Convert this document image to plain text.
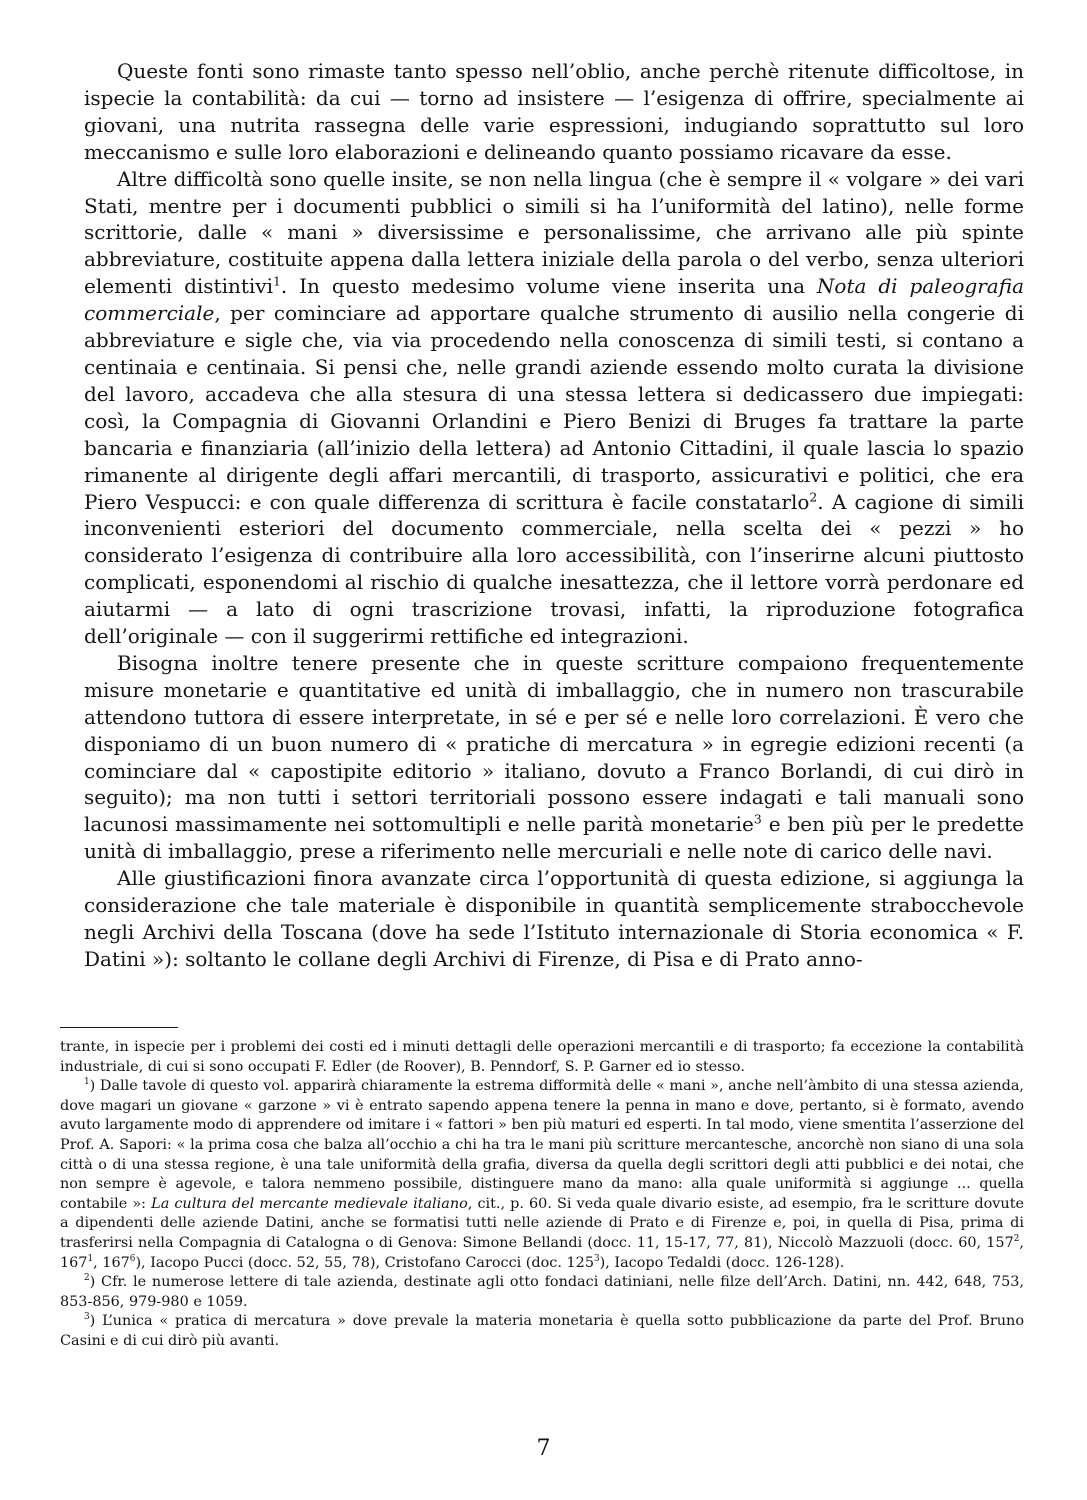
Queste fonti sono rimaste tanto spesso nell’oblio, anche perchè ritenute difficoltose, in ispecie la contabilità: da cui — torno ad insistere — l’esigenza di offrire, specialmente ai giovani, una nutrita rassegna delle varie espressioni, indugiando soprattutto sul loro meccanismo e sulle loro elaborazioni e delineando quanto possiamo ricavare da esse.

Altre difficoltà sono quelle insite, se non nella lingua (che è sempre il « volgare » dei vari Stati, mentre per i documenti pubblici o simili si ha l’uniformità del latino), nelle forme scrittorie, dalle « mani » diversissime e personalissime, che arrivano alle più spinte abbreviature, costituite appena dalla lettera iniziale della parola o del verbo, senza ulteriori elementi distintivi$^1$. In questo medesimo volume viene inserita una Nota di paleografia commerciale, per cominciare ad apportare qualche strumento di ausilio nella congerie di abbreviature e sigle che, via via procedendo nella conoscenza di simili testi, si contano a centinaia e centinaia. Si pensi che, nelle grandi aziende essendo molto curata la divisione del lavoro, accadeva che alla stesura di una stessa lettera si dedicassero due impiegati: così, la Compagnia di Giovanni Orlandini e Piero Benizi di Bruges fa trattare la parte bancaria e finanziaria (all’inizio della lettera) ad Antonio Cittadini, il quale lascia lo spazio rimanente al dirigente degli affari mercantili, di trasporto, assicurativi e politici, che era Piero Vespucci: e con quale differenza di scrittura è facile constatarlo$^2$. A cagione di simili inconvenienti esteriori del documento commerciale, nella scelta dei « pezzi » ho considerato l’esigenza di contribuire alla loro accessibilità, con l’inserirne alcuni piuttosto complicati, esponendomi al rischio di qualche inesattezza, che il lettore vorrà perdonare ed aiutarmi — a lato di ogni trascrizione trovasi, infatti, la riproduzione fotografica dell’originale — con il suggerirmi rettifiche ed integrazioni.

Bisogna inoltre tenere presente che in queste scritture compaiono frequentemente misure monetarie e quantitative ed unità di imballaggio, che in numero non trascurabile attendono tuttora di essere interpretate, in sé e per sé e nelle loro correlazioni. È vero che disponiamo di un buon numero di « pratiche di mercatura » in egregie edizioni recenti (a cominciare dal « capostipite editorio » italiano, dovuto a Franco Borlandi, di cui dirò in seguito); ma non tutti i settori territoriali possono essere indagati e tali manuali sono lacunosi massimamente nei sottomultipli e nelle parità monetarie$^3$ e ben più per le predette unità di imballaggio, prese a riferimento nelle mercuriali e nelle note di carico delle navi.

Alle giustificazioni finora avanzate circa l’opportunità di questa edizione, si aggiunga la considerazione che tale materiale è disponibile in quantità semplicemente strabocchevole negli Archivi della Toscana (dove ha sede l’Istituto internazionale di Storia economica « F. Datini »): soltanto le collane degli Archivi di Firenze, di Pisa e di Prato anno-

trante, in ispecie per i problemi dei costi ed i minuti dettagli delle operazioni mercantili e di trasporto; fa eccezione la contabilità industriale, di cui si sono occupati F. Edler (de Roover), B. Penndorf, S. P. Garner ed io stesso.

$^1$) Dalle tavole di questo vol. apparirà chiaramente la estrema difformità delle « mani », anche nell’àmbito di una stessa azienda, dove magari un giovane « garzone » vi è entrato sapendo appena tenere la penna in mano e dove, pertanto, si è formato, avendo avuto largamente modo di apprendere od imitare i « fattori » ben più maturi ed esperti. In tal modo, viene smentita l’asserzione del Prof. A. Sapori: « la prima cosa che balza all’occhio a chi ha tra le mani più scritture mercantesche, ancorchè non siano di una sola città o di una stessa regione, è una tale uniformità della grafia, diversa da quella degli scrittori degli atti pubblici e dei notai, che non sempre è agevole, e talora nemmeno possibile, distinguere mano da mano: alla quale uniformità si aggiunge ... quella contabile »: La cultura del mercante medievale italiano, cit., p. 60. Si veda quale divario esiste, ad esempio, fra le scritture dovute a dipendenti delle aziende Datini, anche se formatisi tutti nelle aziende di Prato e di Firenze e, poi, in quella di Pisa, prima di trasferirsi nella Compagnia di Catalogna o di Genova: Simone Bellandi (docc. 11, 15-17, 77, 81), Niccolò Mazzuoli (docc. 60, $157^2$, $167^1$, $167^6$), Iacopo Pucci (docc. 52, 55, 78), Cristofano Carocci (doc. $125^3$), Iacopo Tedaldi (docc. 126-128).

$^2$) Cfr. le numerose lettere di tale azienda, destinate agli otto fondaci datiniani, nelle filze dell’Arch. Datini, nn. 442, 648, 753, 853-856, 979-980 e 1059.

$^3$) L’unica « pratica di mercatura » dove prevale la materia monetaria è quella sotto pubblicazione da parte del Prof. Bruno Casini e di cui dirò più avanti.

7
